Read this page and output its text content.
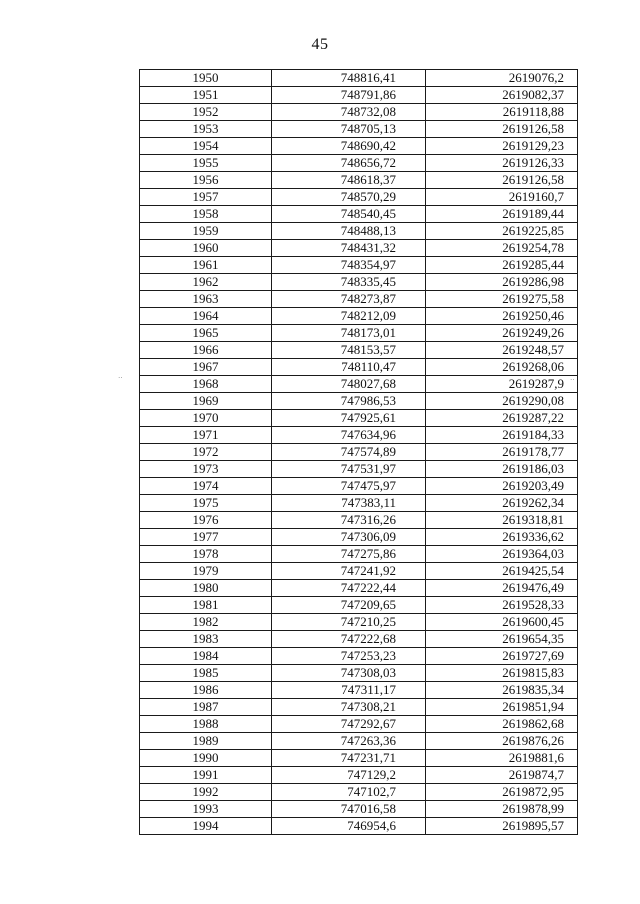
45
1950	748816,41	2619076,2
1951	748791,86	2619082,37
1952	748732,08	2619118,88
1953	748705,13	2619126,58
1954	748690,42	2619129,23
1955	748656,72	2619126,33
1956	748618,37	2619126,58
1957	748570,29	2619160,7
1958	748540,45	2619189,44
1959	748488,13	2619225,85
1960	748431,32	2619254,78
1961	748354,97	2619285,44
1962	748335,45	2619286,98
1963	748273,87	2619275,58
1964	748212,09	2619250,46
1965	748173,01	2619249,26
1966	748153,57	2619248,57
1967	748110,47	2619268,06
1968	748027,68	2619287,9
1969	747986,53	2619290,08
1970	747925,61	2619287,22
1971	747634,96	2619184,33
1972	747574,89	2619178,77
1973	747531,97	2619186,03
1974	747475,97	2619203,49
1975	747383,11	2619262,34
1976	747316,26	2619318,81
1977	747306,09	2619336,62
1978	747275,86	2619364,03
1979	747241,92	2619425,54
1980	747222,44	2619476,49
1981	747209,65	2619528,33
1982	747210,25	2619600,45
1983	747222,68	2619654,35
1984	747253,23	2619727,69
1985	747308,03	2619815,83
1986	747311,17	2619835,34
1987	747308,21	2619851,94
1988	747292,67	2619862,68
1989	747263,36	2619876,26
1990	747231,71	2619881,6
1991	747129,2	2619874,7
1992	747102,7	2619872,95
1993	747016,58	2619878,99
1994	746954,6	2619895,57
··	··
